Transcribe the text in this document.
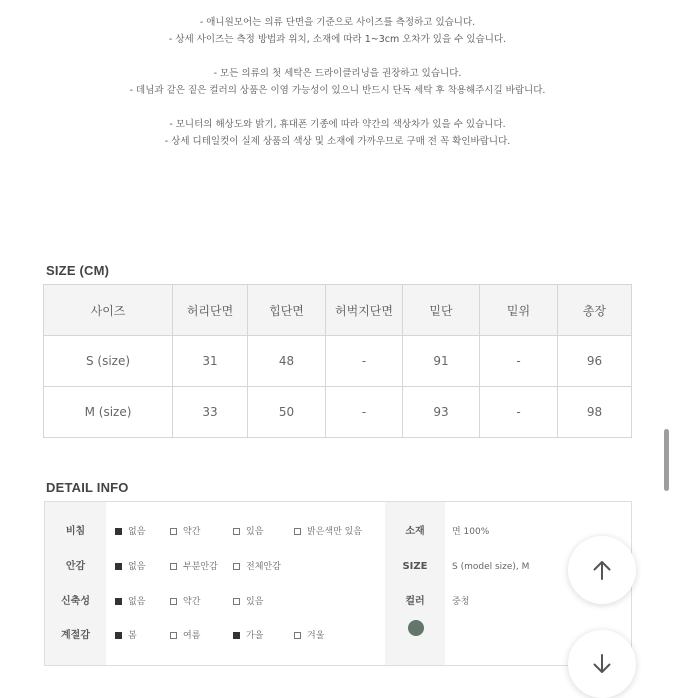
- 애니원모어는 의류 단면을 기준으로 사이즈를 측정하고 있습니다.
- 상세 사이즈는 측정 방법과 위치, 소재에 따라 1~3cm 오차가 있을 수 있습니다.
- 모든 의류의 첫 세탁은 드라이클리닝을 권장하고 있습니다.
- 데님과 같은 짙은 컬러의 상품은 이염 가능성이 있으니 반드시 단독 세탁 후 착용해주시길 바랍니다.
- 모니터의 해상도와 밝기, 휴대폰 기종에 따라 약간의 색상차가 있을 수 있습니다.
- 상세 디테일컷이 실제 상품의 색상 및 소재에 가까우므로 구매 전 꼭 확인바랍니다.
SIZE (CM)
사이즈	허리단면	힙단면	허벅지단면	밑단	밑위	총장
S (size)	31	48	-	91	-	96
M (size)	33	50	-	93	-	98
DETAIL INFO
비침	없음	약간	있음	밝은색만 있음	소재	면 100%
안감	없음	부분안감	전체안감	SIZE	S (model size), M
신축성	없음	약간	있음	컬러	중청
계절감	봄	여름	가을	겨울
